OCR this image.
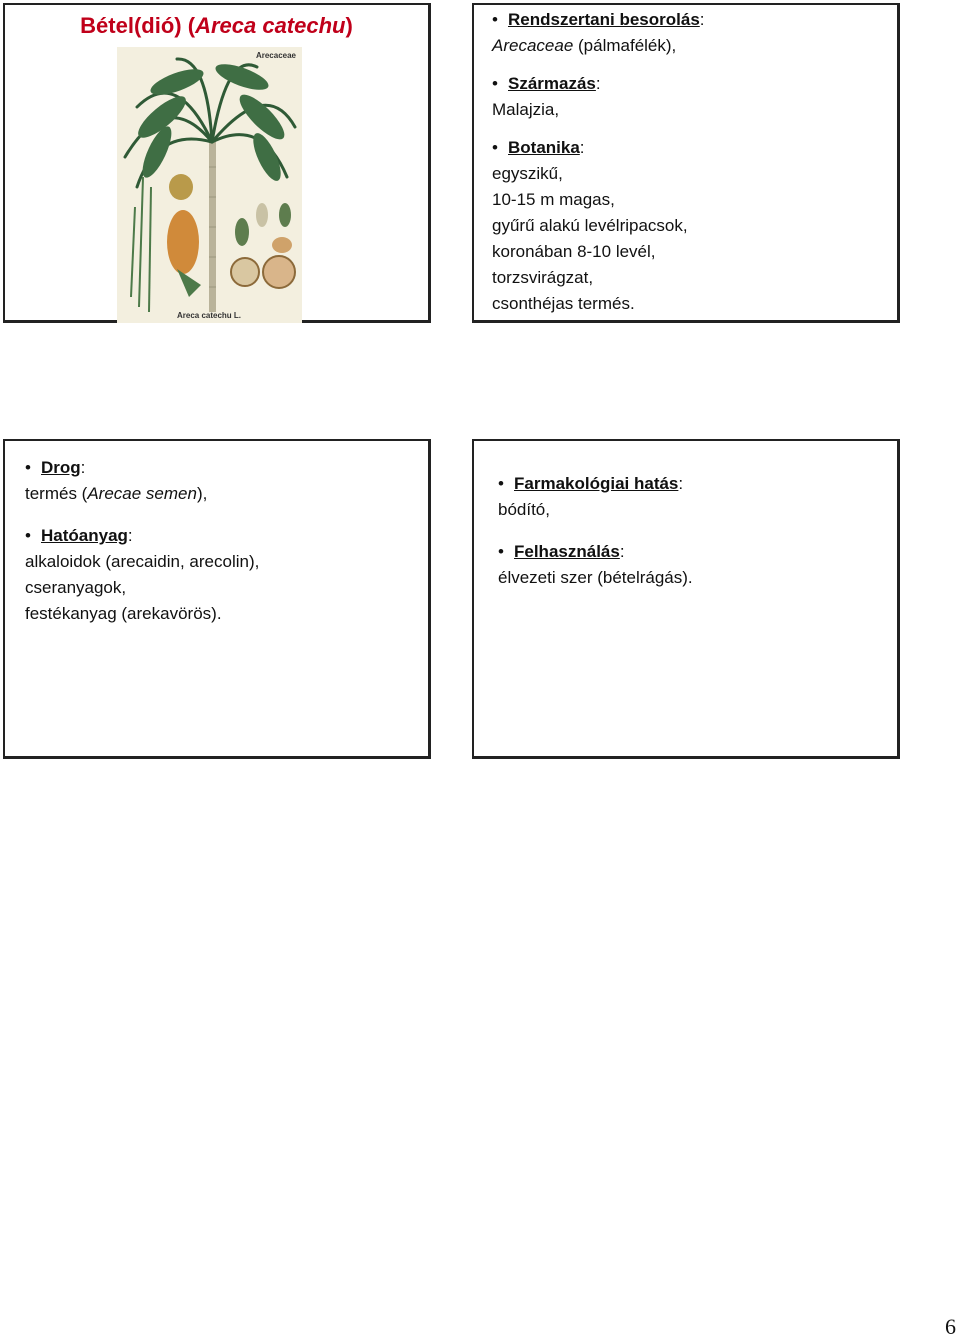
Bétel(dió) (Areca catechu)
Arecaceae
Areca catechu L.

• Rendszertani besorolás:

Arecaceae (pálmafélék),

• Származás:

Malajzia,

• Botanika:

egyszikű,

10-15 m magas,

gyűrű alakú levélripacsok,

koronában 8-10 levél,

torzsvirágzat,

csonthéjas termés.

• Drog:

termés (Arecae semen),

• Hatóanyag:

alkaloidok (arecaidin, arecolin),

cseranyagok,

festékanyag (arekavörös).

• Farmakológiai hatás:

bódító,

• Felhasználás:

élvezeti szer (bételrágás).

6
